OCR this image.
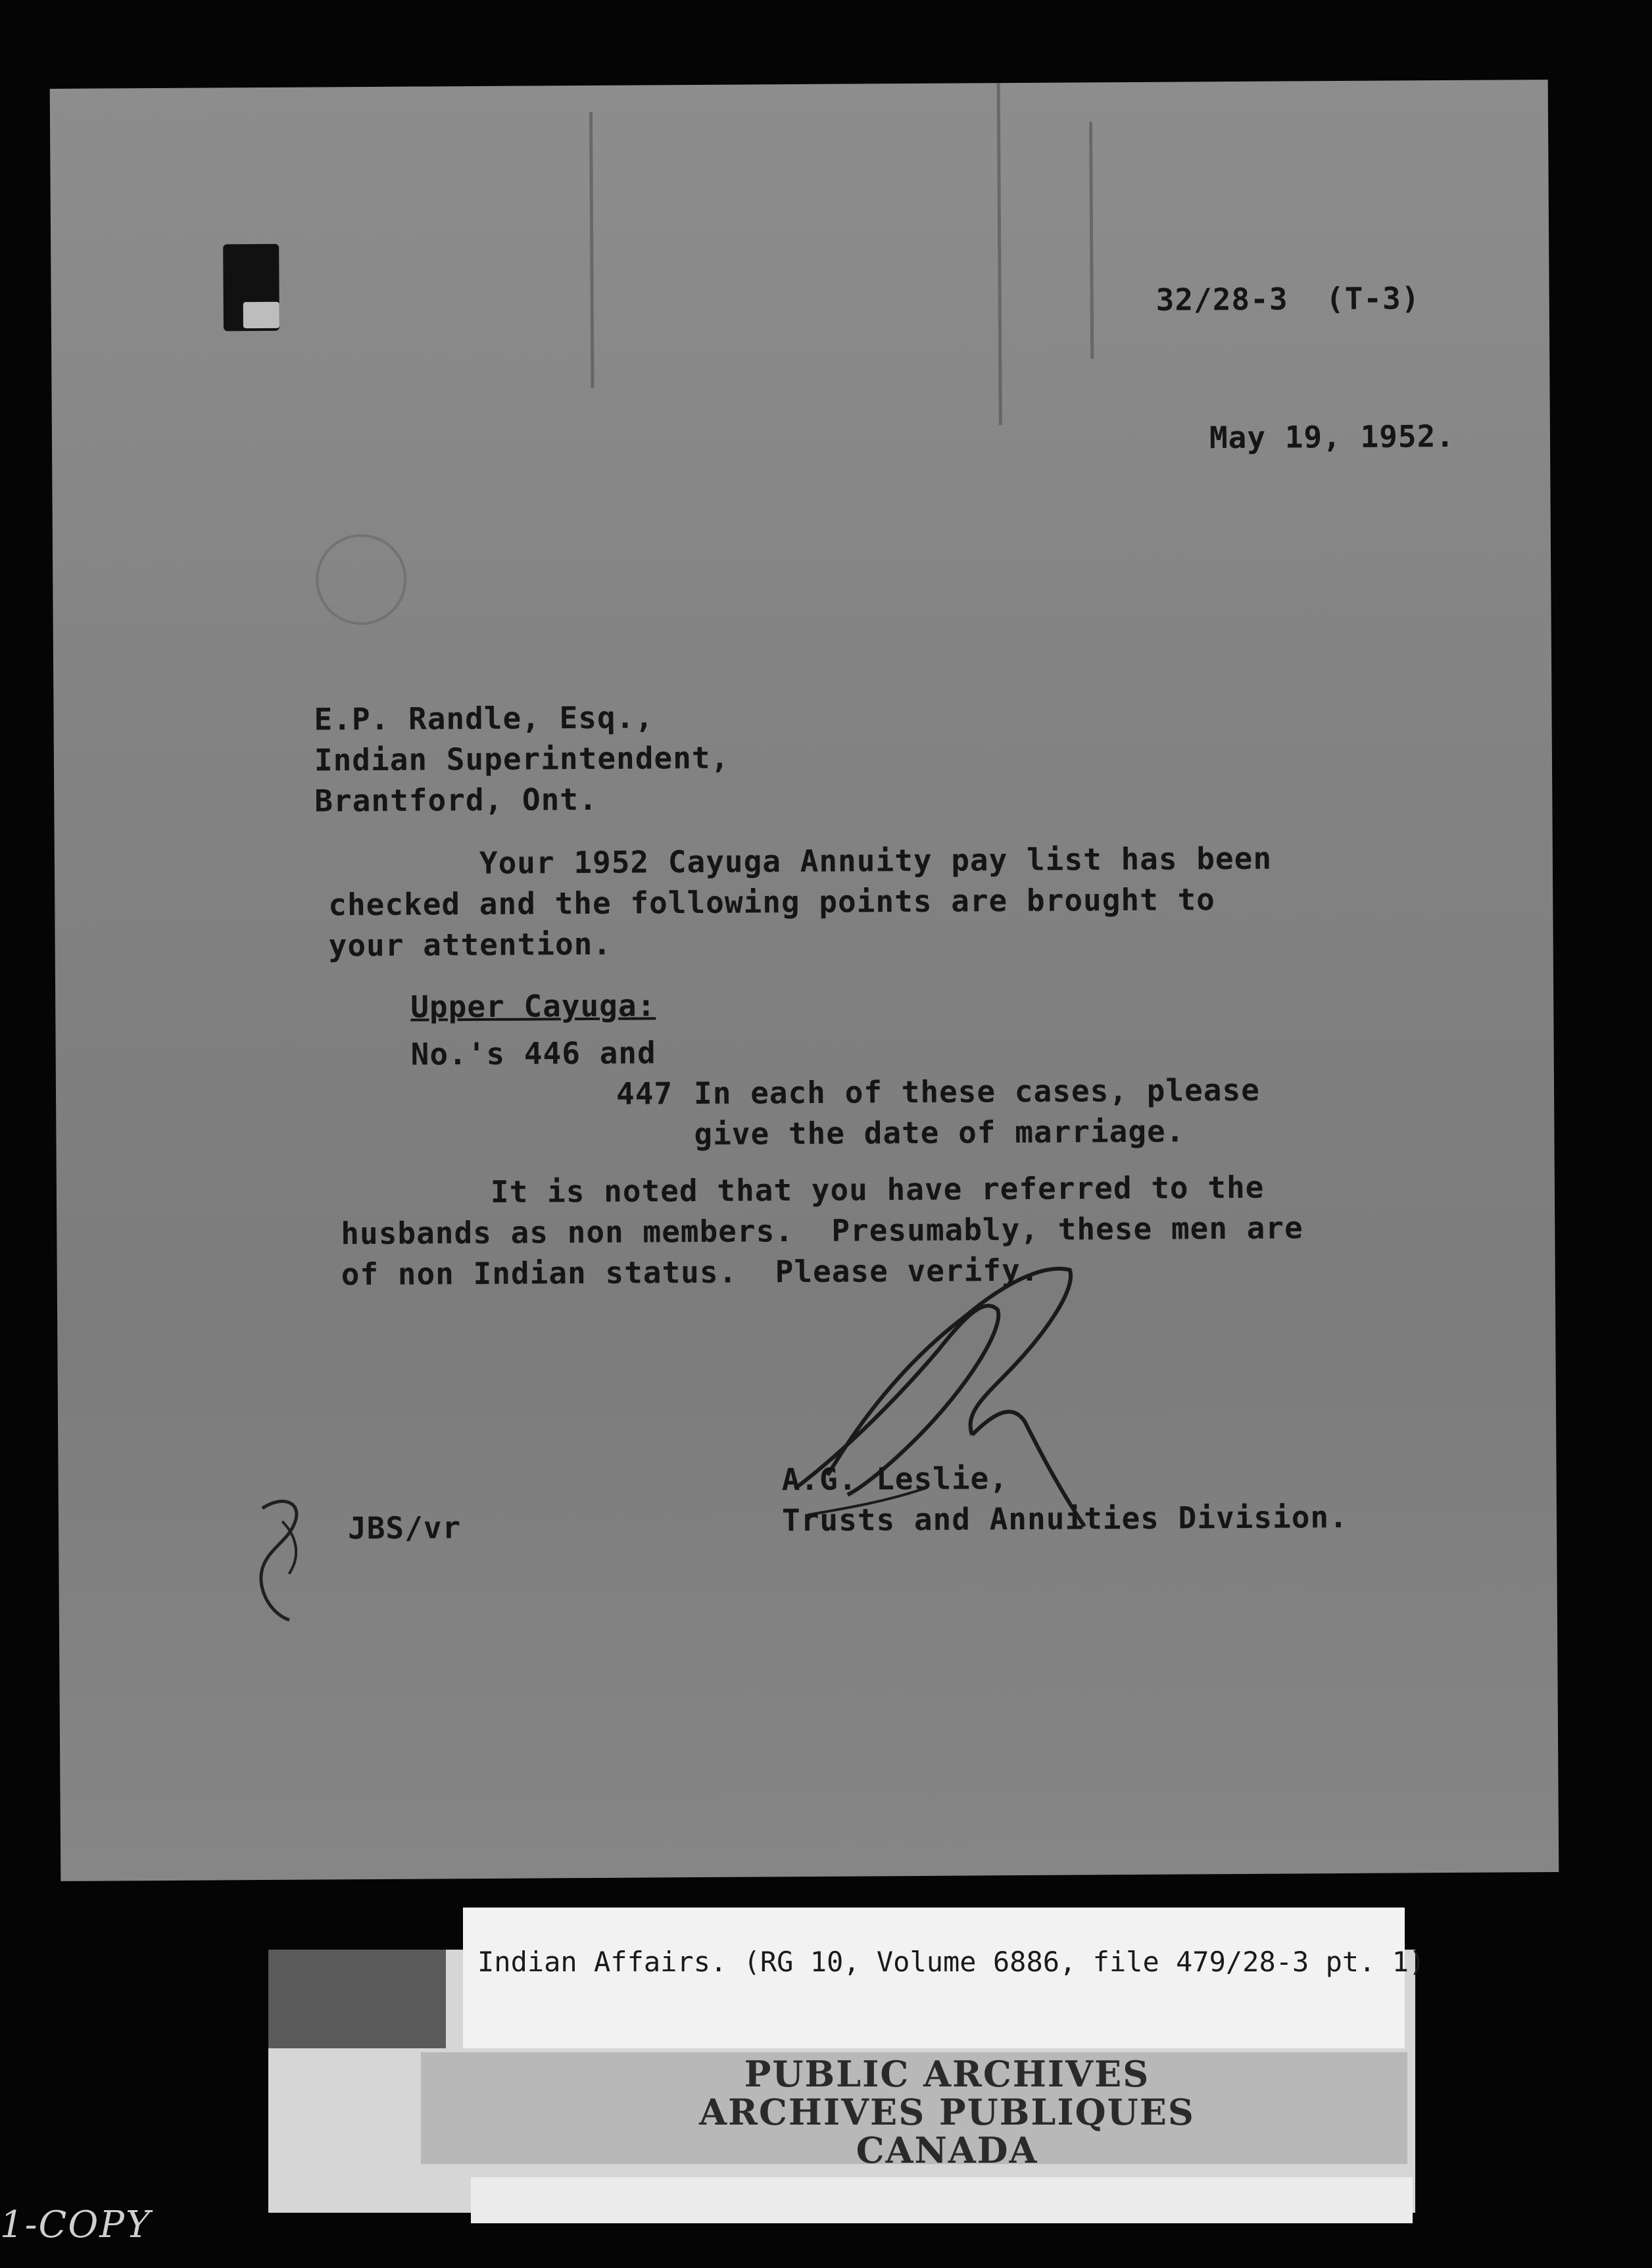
32/28-3  (T-3)
May 19, 1952.
E.P. Randle, Esq.,
Indian Superintendent,
Brantford, Ont.
Your 1952 Cayuga Annuity pay list has been
checked and the following points are brought to
your attention.
Upper Cayuga:
No.'s 446 and
447 In each of these cases, please
give the date of marriage.
It is noted that you have referred to the
husbands as non members.  Presumably, these men are
of non Indian status.  Please verify.
A.G. Leslie,
Trusts and Annuities Division.
JBS/vr
Indian Affairs. (RG 10, Volume 6886, file 479/28-3 pt. 1)
PUBLIC ARCHIVES
ARCHIVES PUBLIQUES
CANADA
1-COPY
